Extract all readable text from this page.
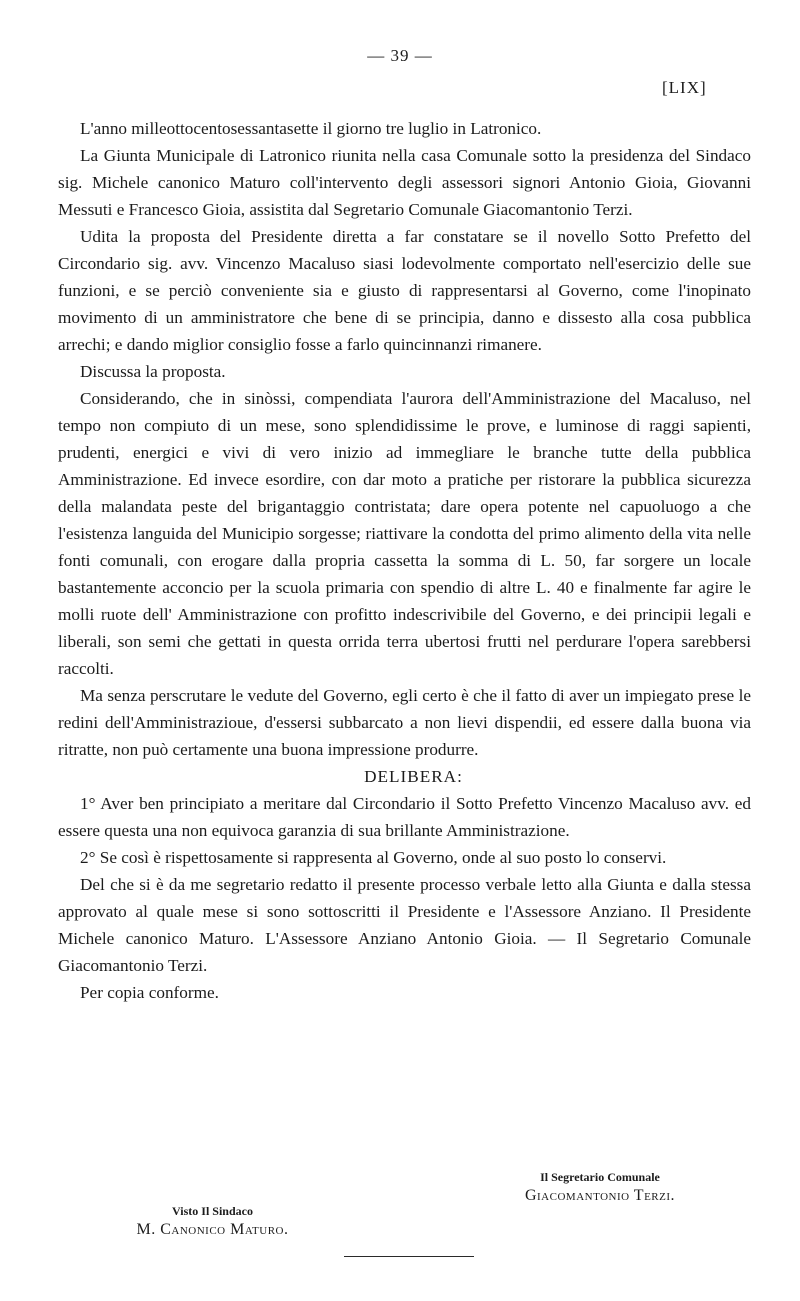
— 39 —
[LIX]

L'anno milleottocentosessantasette il giorno tre luglio in Latronico.

La Giunta Municipale di Latronico riunita nella casa Comunale sotto la presidenza del Sindaco sig. Michele canonico Maturo coll'intervento degli assessori signori Antonio Gioia, Giovanni Messuti e Francesco Gioia, assistita dal Segretario Comunale Giacomantonio Terzi.

Udita la proposta del Presidente diretta a far constatare se il novello Sotto Prefetto del Circondario sig. avv. Vincenzo Macaluso siasi lodevolmente comportato nell'esercizio delle sue funzioni, e se perciò conveniente sia e giusto di rappresentarsi al Governo, come l'inopinato movimento di un amministratore che bene di se principia, danno e dissesto alla cosa pubblica arrechi; e dando miglior consiglio fosse a farlo quincinnanzi rimanere.

Discussa la proposta.

Considerando, che in sinòssi, compendiata l'aurora dell'Amministrazione del Macaluso, nel tempo non compiuto di un mese, sono splendidissime le prove, e luminose di raggi sapienti, prudenti, energici e vivi di vero inizio ad immegliare le branche tutte della pubblica Amministrazione. Ed invece esordire, con dar moto a pratiche per ristorare la pubblica sicurezza della malandata peste del brigantaggio contristata; dare opera potente nel capuoluogo a che l'esistenza languida del Municipio sorgesse; riattivare la condotta del primo alimento della vita nelle fonti comunali, con erogare dalla propria cassetta la somma di L. 50, far sorgere un locale bastantemente acconcio per la scuola primaria con spendio di altre L. 40 e finalmente far agire le molli ruote dell' Amministrazione con profitto indescrivibile del Governo, e dei principii legali e liberali, son semi che gettati in questa orrida terra ubertosi frutti nel perdurare l'opera sarebbersi raccolti.

Ma senza perscrutare le vedute del Governo, egli certo è che il fatto di aver un impiegato prese le redini dell'Amministrazioue, d'essersi subbarcato a non lievi dispendii, ed essere dalla buona via ritratte, non può certamente una buona impressione produrre.

DELIBERA:

1° Aver ben principiato a meritare dal Circondario il Sotto Prefetto Vincenzo Macaluso avv. ed essere questa una non equivoca garanzia di sua brillante Amministrazione.

2° Se così è rispettosamente si rappresenta al Governo, onde al suo posto lo conservi.

Del che si è da me segretario redatto il presente processo verbale letto alla Giunta e dalla stessa approvato al quale mese si sono sottoscritti il Presidente e l'Assessore Anziano. Il Presidente Michele canonico Maturo. L'Assessore Anziano Antonio Gioia. — Il Segretario Comunale Giacomantonio Terzi.

Per copia conforme.

Il Segretario Comunale
Giacomantonio Terzi.
Visto Il Sindaco
M. Canonico Maturo.
